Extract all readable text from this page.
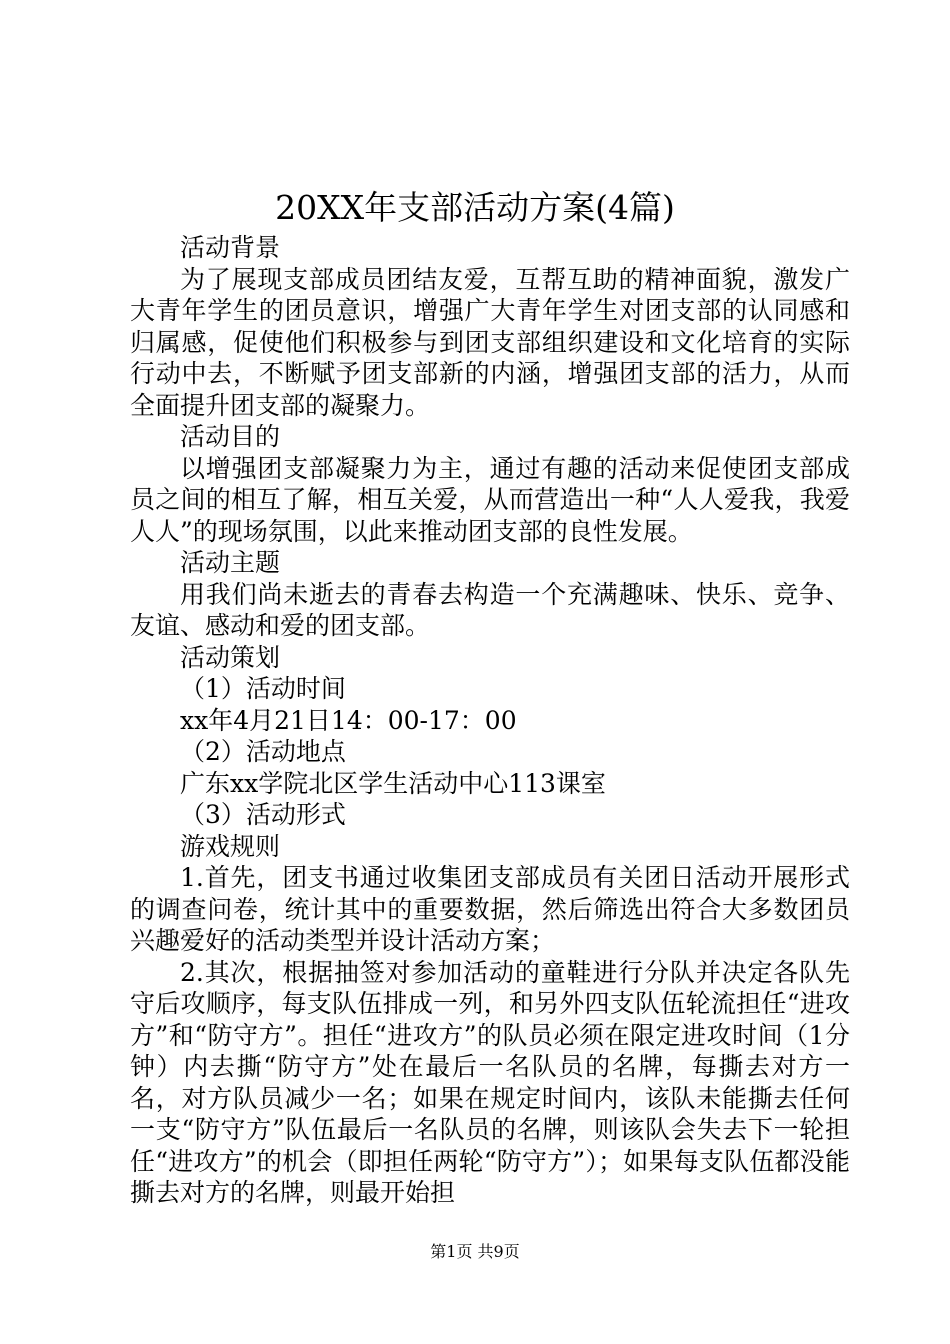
20XX年支部活动方案(4篇)

活动背景

为了展现支部成员团结友爱，互帮互助的精神面貌，激发广大青年学生的团员意识，增强广大青年学生对团支部的认同感和归属感，促使他们积极参与到团支部组织建设和文化培育的实际行动中去，不断赋予团支部新的内涵，增强团支部的活力，从而全面提升团支部的凝聚力。

活动目的

以增强团支部凝聚力为主，通过有趣的活动来促使团支部成员之间的相互了解，相互关爱，从而营造出一种“人人爱我，我爱人人”的现场氛围，以此来推动团支部的良性发展。

活动主题

用我们尚未逝去的青春去构造一个充满趣味、快乐、竞争、友谊、感动和爱的团支部。

活动策划

（1）活动时间

xx年4月21日14：00-17：00

（2）活动地点

广东xx学院北区学生活动中心113课室

（3）活动形式

游戏规则

1.首先，团支书通过收集团支部成员有关团日活动开展形式的调查问卷，统计其中的重要数据，然后筛选出符合大多数团员兴趣爱好的活动类型并设计活动方案；

2.其次，根据抽签对参加活动的童鞋进行分队并决定各队先守后攻顺序，每支队伍排成一列，和另外四支队伍轮流担任“进攻方”和“防守方”。担任“进攻方”的队员必须在限定进攻时间（1分钟）内去撕“防守方”处在最后一名队员的名牌，每撕去对方一名，对方队员减少一名；如果在规定时间内，该队未能撕去任何一支“防守方”队伍最后一名队员的名牌，则该队会失去下一轮担任“进攻方”的机会（即担任两轮“防守方”）；如果每支队伍都没能撕去对方的名牌，则最开始担

第1页 共9页
